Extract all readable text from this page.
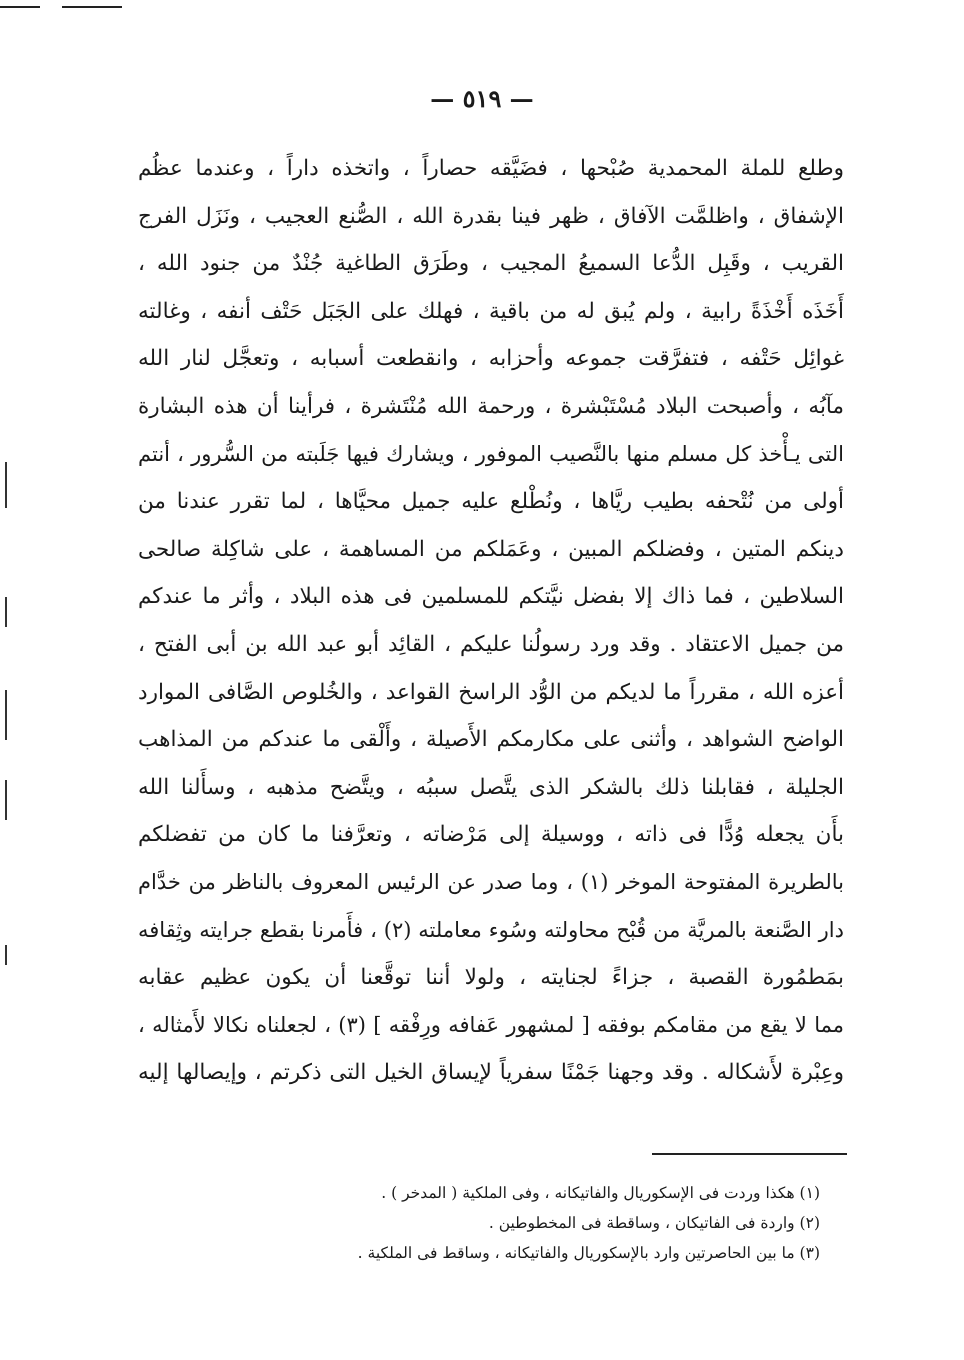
— ٥١٩ —
وطلع للملة المحمدية صُبْحها ، فضَيَّقه حصاراً ، واتخذه داراً ، وعندما عظُم
الإشفاق ، واظلمَّت الآفاق ، ظهر فينا بقدرة الله ، الصُّنع العجيب ، ونَزَل الفرج
القريب ، وقَبِل الدُّعا السميعُ المجيب ، وطَرَق الطاغية جُنْدٌ من جنود الله ،
أَخَذَه أَخْذَةً رابية ، ولم يُبق له من باقية ، فهلك على الجَبَل حَتْف أنفه ، وغالته
غوائِل حَتْفه ، فتفرَّقت جموعه وأحزابه ، وانقطعت أسبابه ، وتعجَّل لنار الله
مآبُه ، وأصبحت البلاد مُسْتَبْشرة ، ورحمة الله مُنْتَشرة ، فرأينا أن هذه البشارة
التى يـأْخذ كل مسلم منها بالنَّصيب الموفور ، ويشارك فيها جَلَبته من السُّرور ، أنتم
أولى من نُتْحفه بطيب ريَّاها ، ونُطْلع عليه جميل محيَّاها ، لما تقرر عندنا من
دينكم المتين ، وفضلكم المبين ، وعَمَلكم من المساهمة ، على شاكِلة صالحى
السلاطين ، فما ذاك إلا بفضل نيَّتكم للمسلمين فى هذه البلاد ، وأثر ما عندكم
من جميل الاعتقاد . وقد ورد رسولُنا عليكم ، القائِد أبو عبد الله بن أبى الفتح ،
أعزه الله ، مقرراً ما لديكم من الوُّد الراسخ القواعد ، والخُلوص الصَّافى الموارد
الواضح الشواهد ، وأثنى على مكارمكم الأَصيلة ، وأَلْقى ما عندكم من المذاهب
الجليلة ، فقابلنا ذلك بالشكر الذى يتَّصل سببُه ، ويتَّضح مذهبه ، وسأَلنا الله
بأَن يجعله وُدًّا فى ذاته ، ووسيلة إلى مَرْضاته ، وتعرَّفنا ما كان من تفضلكم
بالطريرة المفتوحة الموخر (١) ، وما صدر عن الرئيس المعروف بالناظر من خدَّام
دار الصَّنعة بالمريَّة من قُبْح محاولته وسُوء معاملته (٢) ، فأَمرنا بقطع جرايته وثِقافه
بمَطمُورة القصبة ، جزاءً لجنايته ، ولولا أننا توقَّعنا أن يكون عظيم عقابه
مما لا يقع من مقامكم بوفقه [ لمشهور عَفافه ورِفْقه ] (٣) ، لجعلناه نكالا لأَمثاله ،
وعِبْرة لأَشكاله . وقد وجهنا جَمْنًا سفرياً لإيساق الخيل التى ذكرتم ، وإيصالها إليه
(١) هكذا وردت فى الإسكوريال والفاتيكانه ، وفى الملكية ( المدخر ) .
(٢) واردة فى الفاتيكان ، وساقطة فى المخطوطين .
(٣) ما بين الحاصرتين وارد بالإسكوريال والفاتيكانه ، وساقط فى الملكية .
